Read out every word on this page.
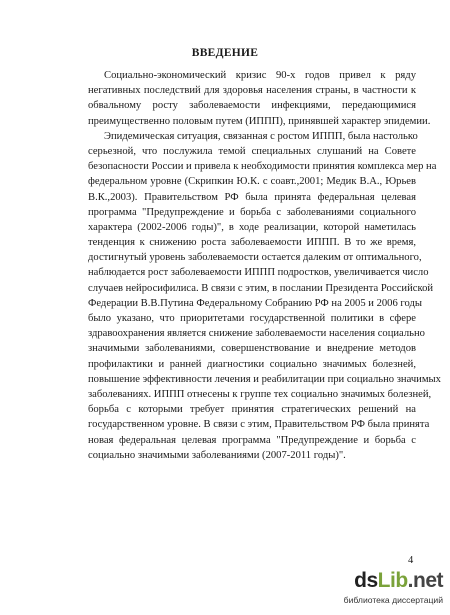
ВВЕДЕНИЕ
Социально-экономический кризис 90-х годов привел к ряду
негативных последствий для здоровья населения страны, в частности к
обвальному росту заболеваемости инфекциями, передающимися
преимущественно половым путем (ИППП), принявшей характер эпидемии.
Эпидемическая ситуация, связанная с ростом ИППП, была настолько
серьезной, что послужила темой специальных слушаний на Совете
безопасности России и привела к необходимости принятия комплекса мер на
федеральном уровне (Скрипкин Ю.К. с соавт.,2001; Медик В.А., Юрьев
В.К.,2003). Правительством РФ была принята федеральная целевая
программа "Предупреждение и борьба с заболеваниями социального
характера (2002-2006 годы)", в ходе реализации, которой наметилась
тенденция к снижению роста заболеваемости ИППП. В то же время,
достигнутый уровень заболеваемости остается далеким от оптимального,
наблюдается рост заболеваемости ИППП подростков, увеличивается число
случаев нейросифилиса. В связи с этим, в послании Президента Российской
Федерации В.В.Путина Федеральному Собранию РФ на 2005 и 2006 годы
было указано, что приоритетами государственной политики в сфере
здравоохранения является снижение заболеваемости населения социально
значимыми заболеваниями, совершенствование и внедрение методов
профилактики и ранней диагностики социально значимых болезней,
повышение эффективности лечения и реабилитации при социально значимых
заболеваниях. ИППП отнесены к группе тех социально значимых болезней,
борьба с которыми требует принятия стратегических решений на
государственном уровне. В связи с этим, Правительством РФ была принята
новая федеральная целевая программа "Предупреждение и борьба с
социально значимыми заболеваниями (2007-2011 годы)".
4
dsLib.net
библиотека диссертаций
